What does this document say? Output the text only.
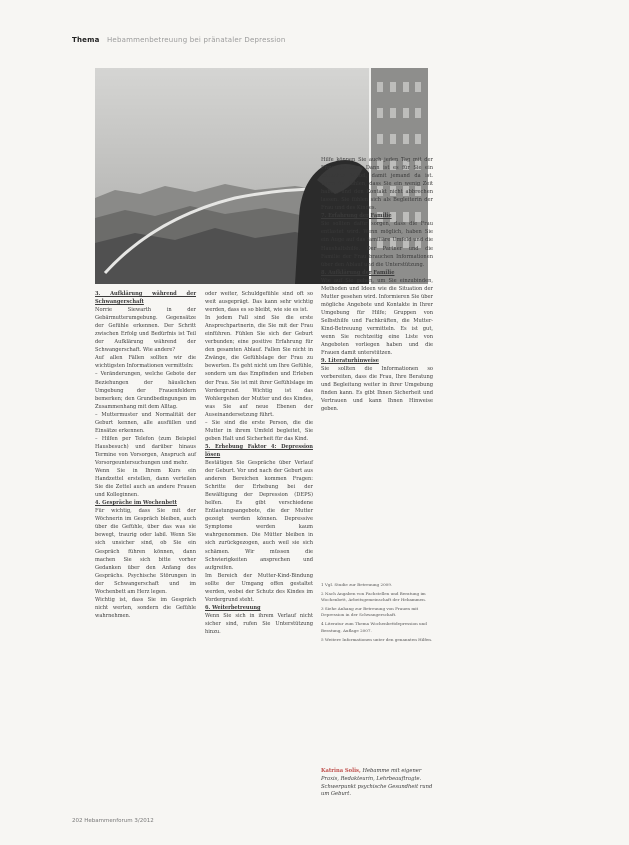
Thema Hebammenbetreuung bei pränataler Depression

3. Aufklärung während der Schwangerschaft

Norrie Siewarth in der Gebärmutterumgebung. Gegensätze der Gefühle erkennen. Der Schritt zwischen Erfolg und Bedürfnis ist Teil der Aufklärung während der Schwangerschaft. Wie andere?

Auf allen Fällen sollten wir die wichtigsten Informationen vermitteln:

– Veränderungen, welche Gebote der Beziehungen der häuslichen Umgebung der Frauenfeldern bemerken; den Grundbedingungen im Zusammenhang mit dem Alltag.

– Muttermuster und Normalität der Geburt kennen, alle ausfüllen und Einsätze erkennen.

– Hilfen per Telefon (zum Beispiel Hausbesuch) und darüber hinaus Termine von Vorsorgen, Anspruch auf Vorsorgeuntersuchungen und mehr.

Wenn Sie in Ihrem Kurs ein Handzettel erstellen, dann verteilen Sie die Zettel auch an andere Frauen und Kolleginnen.

4. Gespräche im Wochenbett

Für wichtig, dass Sie mit der Wöchnerin im Gespräch bleiben, auch über die Gefühle, über das was sie bewegt, traurig oder labil. Wenn Sie sich unsicher sind, ob Sie ein Gespräch führen können, dann machen Sie sich bitte vorher Gedanken über den Anfang des Gesprächs. Psychische Störungen in der Schwangerschaft und im Wochenbett am Herz legen.

Wichtig ist, dass Sie im Gespräch nicht werten, sondern die Gefühle wahrnehmen.

oder weiter, Schuldgefühle sind oft so weit ausgeprägt. Das kann sehr wichtig werden, dass es so bleibt, wie sie es ist.

In jedem Fall sind Sie die erste Ansprechpartnerin, die Sie mit der Frau einführen. Fühlen Sie sich der Geburt verbunden; eine positive Erfahrung für den gesamten Ablauf. Fallen Sie nicht in Zwänge, die Gefühlslage der Frau zu bewerten. Es geht nicht um Ihre Gefühle, sondern um das Empfinden und Erleben der Frau. Sie ist mit ihrer Gefühlslage im Vordergrund. Wichtig ist das Wohlergehen der Mutter und des Kindes, was Sie auf neue Ebenen der Auseinandersetzung führt.

– Sie sind die erste Person, die die Mutter in ihrem Umfeld begleitet, Sie geben Halt und Sicherheit für das Kind.

5. Erhebung Faktor 4: Depression lösen

Bestätigen Sie Gespräche über Verlauf der Geburt. Vor und nach der Geburt aus anderen Bereichen kommen Fragen: Schritte der Erhebung bei der Bewältigung der Depression (DEPS) helfen. Es gibt verschiedene Entlastungsangebote, die der Mutter gezeigt werden können. Depressive Symptome werden kaum wahrgenommen. Die Mütter bleiben in sich zurückgezogen, auch weil sie sich schämen. Wir müssen die Schwierigkeiten ansprechen und aufgreifen.

Im Bereich der Mutter-Kind-Bindung sollte der Umgang offen gestaltet werden, wobei der Schutz des Kindes im Vordergrund steht.

6. Weiterbetreuung

Wenn Sie sich in ihrem Verlauf nicht sicher sind, rufen Sie Unterstützung hinzu.

Hilfe können Sie auch jeden Tag mit der Frau sprechen. Dann ist es für Sie ein einfaches Mittel, damit jemand da ist. Wenn Sie fühlen, dass Sie ein wenig Zeit haben, und den Kontakt nicht abbrechen lassen. Sie fühlen sich als Begleiterin der Frau und des Kindes.

7. Erfahrung der Familie

Sie sollten dafür sorgen, dass die Frau entlastet wird. Wenn möglich, haben Sie ein Auge auf das familiäre Umfeld und die Haushaltshilfe. Der Partner und die Familie der Frau brauchen Informationen über den Ablauf und die Unterstützung.

8. Aufklärung der Familie

Wie auf Sie gehen, um Sie einzubinden, Methoden und Ideen wie die Situation der Mutter gesehen wird. Informieren Sie über mögliche Angebote und Kontakte in Ihrer Umgebung für Hilfe; Gruppen von Selbsthilfe und Fachkräften, die Mutter-Kind-Betreuung vermitteln. Es ist gut, wenn Sie rechtzeitig eine Liste von Angeboten vorliegen haben und die Frauen damit unterstützen.

9. Literaturhinweise

Sie sollten die Informationen so vorbereiten, dass die Frau, Ihre Beratung und Begleitung weiter in ihrer Umgebung finden kann. Es gibt Ihnen Sicherheit und Vertrauen und kann Ihnen Hinweise geben.

1 Vgl. Studie zur Betreuung 2009.

2 Nach Angaben von Fachstellen und Beratung im Wochenbett, Arbeitsgemeinschaft der Hebammen.

3 Siehe Anhang zur Betreuung von Frauen mit Depression in der Schwangerschaft.

4 Literatur zum Thema Wochenbettdepression und Beratung, Auflage 2007.

5 Weitere Informationen unter den genannten Hilfen.

Katrina Solis, Hebamme mit eigener Praxis, Redakteurin, Lehrbeauftragte. Schwerpunkt psychische Gesundheit rund um Geburt.
202 Hebammenforum 3/2012
